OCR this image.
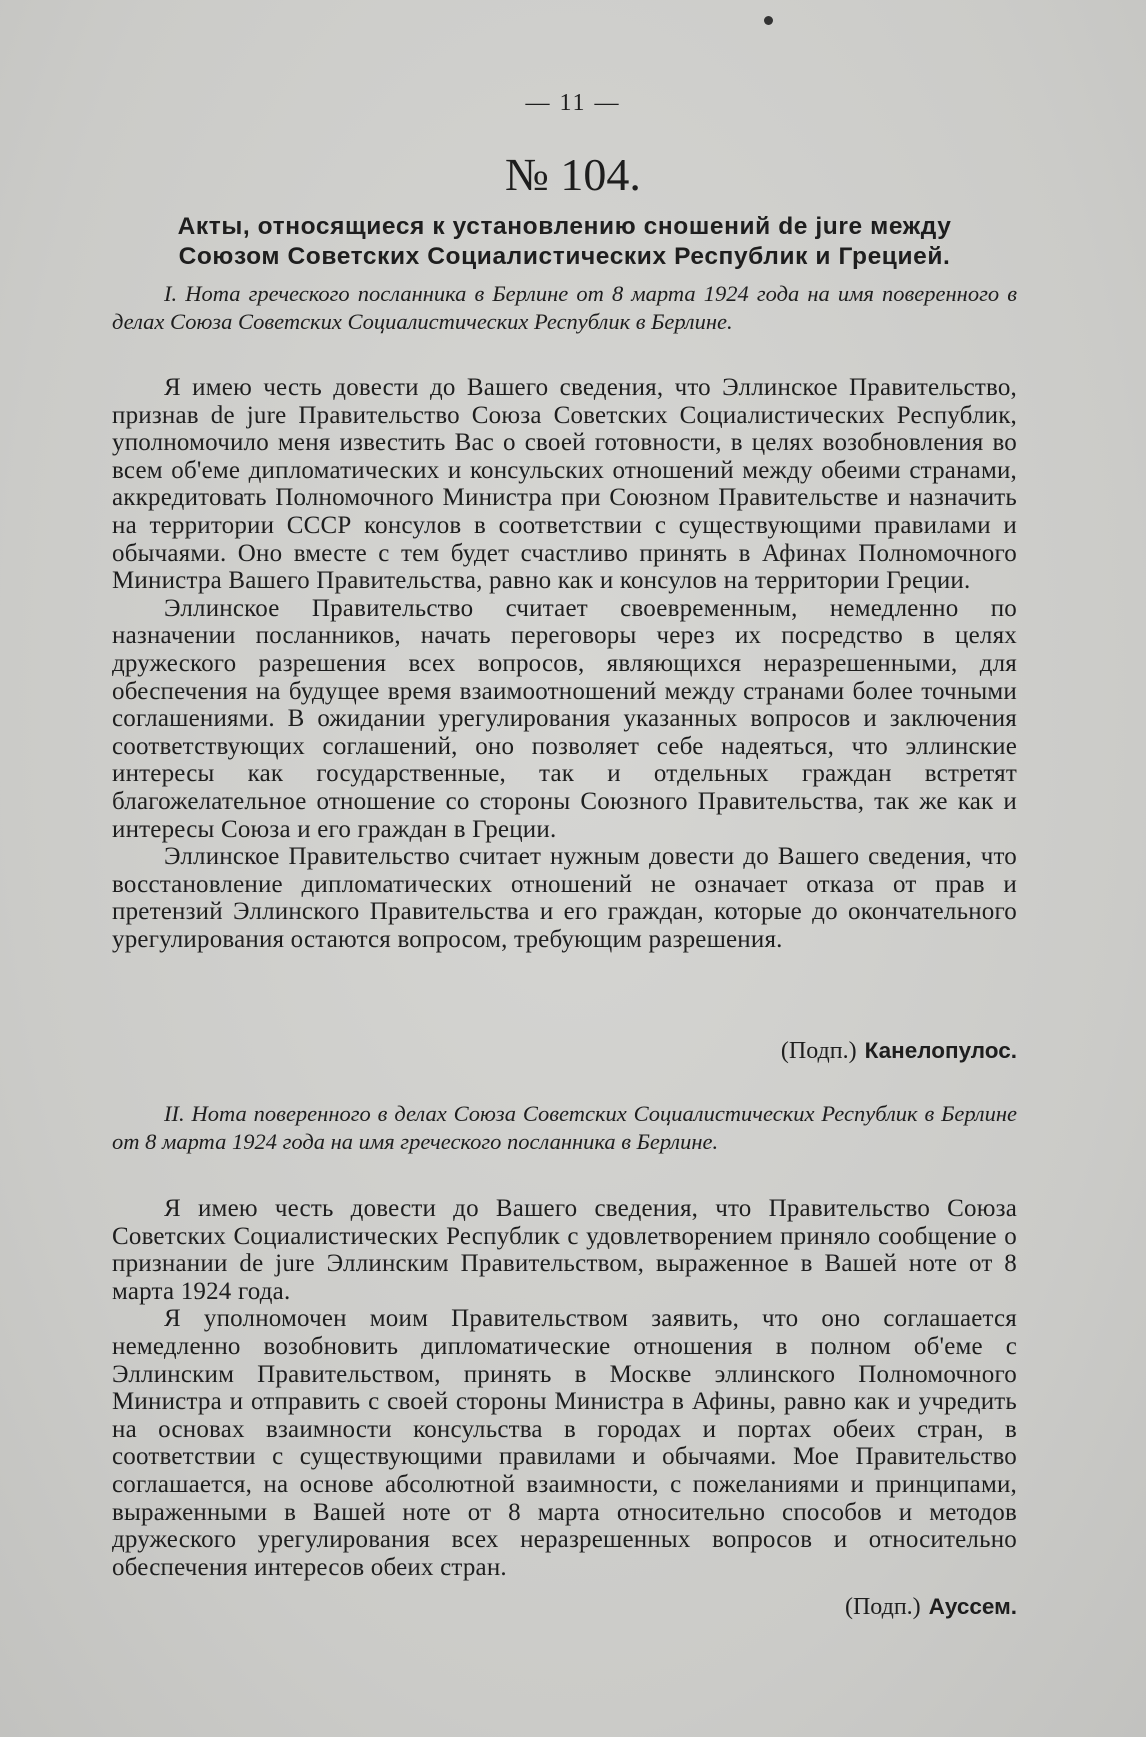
— 11 —
№ 104.
Акты, относящиеся к установлению сношений de jure между
Союзом Советских Социалистических Республик и Грецией.
I. Нота греческого посланника в Берлине от 8 марта 1924 года на имя поверенного в делах Союза Советских Социалистических Республик в Берлине.

Я имею честь довести до Вашего сведения, что Эллинское Правительство, признав de jure Правительство Союза Советских Социалистических Республик, уполномочило меня известить Вас о своей готовности, в целях возобновления во всем об'еме дипломатических и консульских отношений между обеими странами, аккредитовать Полномочного Министра при Союзном Правительстве и назначить на территории СССР консулов в соответствии с существующими правилами и обычаями. Оно вместе с тем будет счастливо принять в Афинах Полномочного Министра Вашего Правительства, равно как и консулов на территории Греции.

Эллинское Правительство считает своевременным, немедленно по назначении посланников, начать переговоры через их посредство в целях дружеского разрешения всех вопросов, являющихся неразрешенными, для обеспечения на будущее время взаимоотношений между странами более точными соглашениями. В ожидании урегулирования указанных вопросов и заключения соответствующих соглашений, оно позволяет себе надеяться, что эллинские интересы как государственные, так и отдельных граждан встретят благожелательное отношение со стороны Союзного Правительства, так же как и интересы Союза и его граждан в Греции.

Эллинское Правительство считает нужным довести до Вашего сведения, что восстановление дипломатических отношений не означает отказа от прав и претензий Эллинского Правительства и его граждан, которые до окончательного урегулирования остаются вопросом, требующим разрешения.

(Подп.) Канелопулос.
II. Нота поверенного в делах Союза Советских Социалистических Республик в Берлине от 8 марта 1924 года на имя греческого посланника в Берлине.

Я имею честь довести до Вашего сведения, что Правительство Союза Советских Социалистических Республик с удовлетворением приняло сообщение о признании de jure Эллинским Правительством, выраженное в Вашей ноте от 8 марта 1924 года.

Я уполномочен моим Правительством заявить, что оно соглашается немедленно возобновить дипломатические отношения в полном об'еме с Эллинским Правительством, принять в Москве эллинского Полномочного Министра и отправить с своей стороны Министра в Афины, равно как и учредить на основах взаимности консульства в городах и портах обеих стран, в соответствии с существующими правилами и обычаями. Мое Правительство соглашается, на основе абсолютной взаимности, с пожеланиями и принципами, выраженными в Вашей ноте от 8 марта относительно способов и методов дружеского урегулирования всех неразрешенных вопросов и относительно обеспечения интересов обеих стран.

(Подп.) Аусcем.
